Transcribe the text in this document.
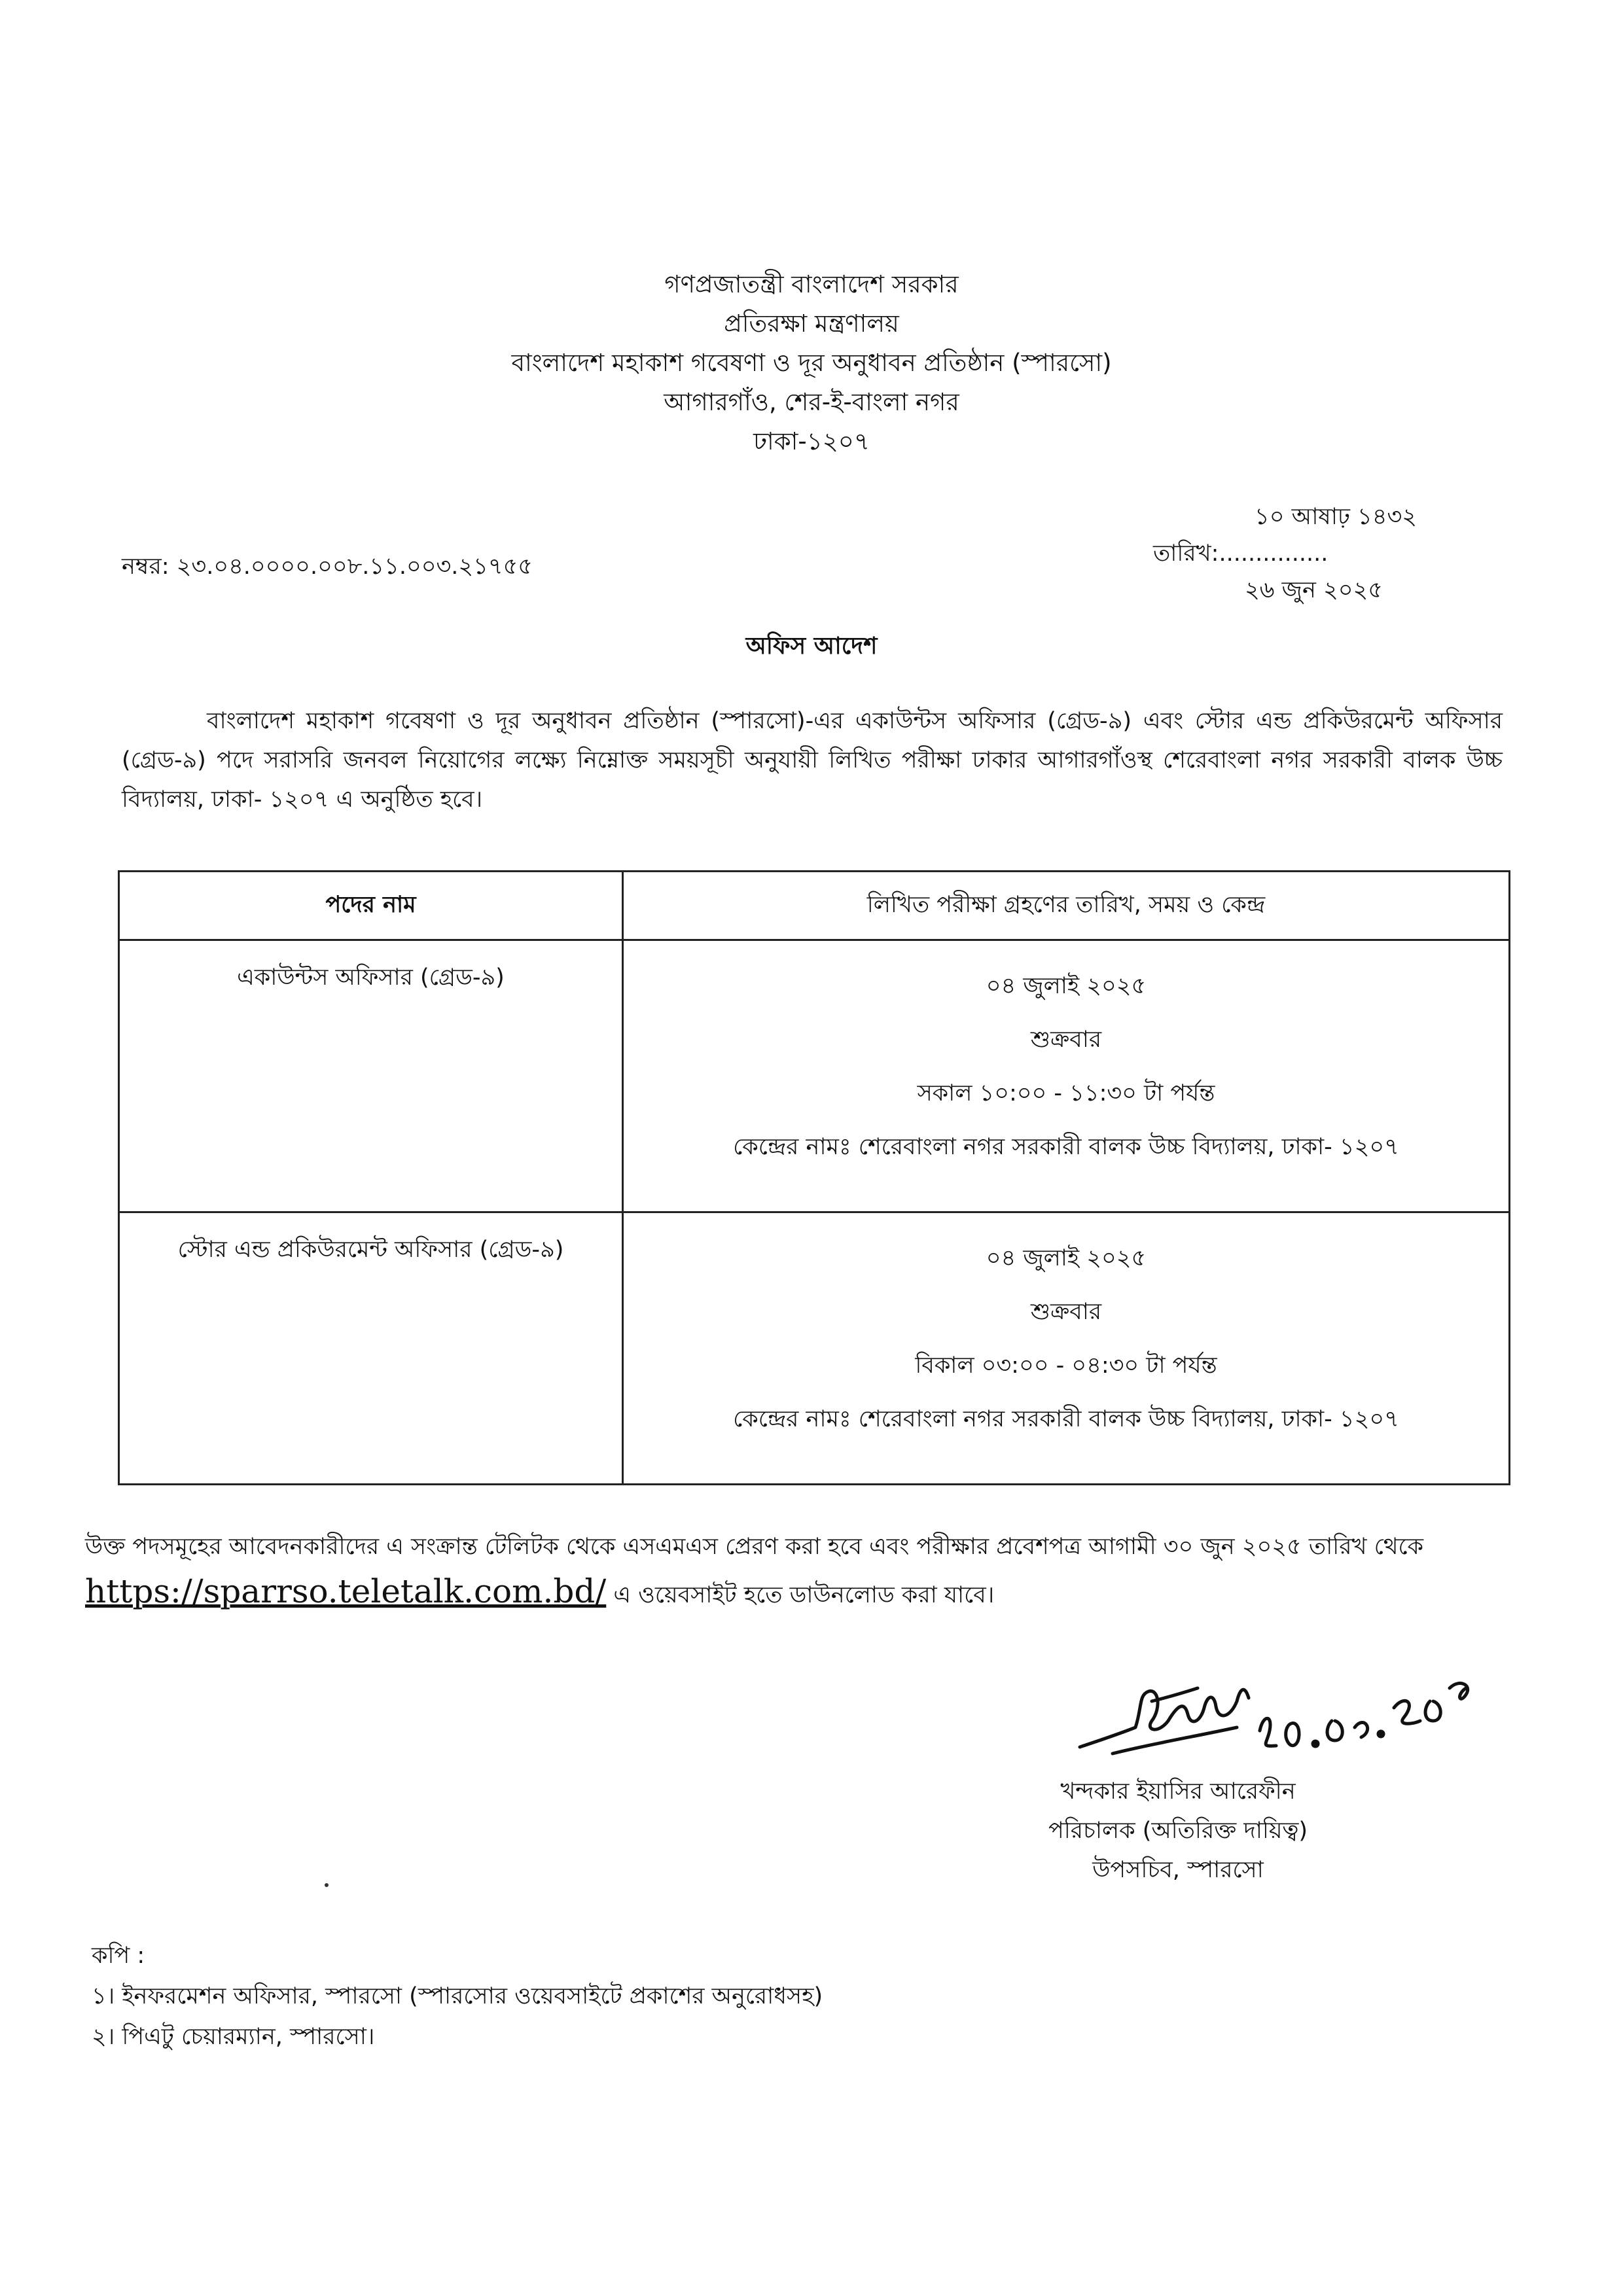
গণপ্রজাতন্ত্রী বাংলাদেশ সরকার
প্রতিরক্ষা মন্ত্রণালয়
বাংলাদেশ মহাকাশ গবেষণা ও দূর অনুধাবন প্রতিষ্ঠান (স্পারসো)
আগারগাঁও, শের-ই-বাংলা নগর
ঢাকা-১২০৭
নম্বর: ২৩.০৪.০০০০.০০৮.১১.০০৩.২১৭৫৫
১০ আষাঢ় ১৪৩২
তারিখ:...............
২৬ জুন ২০২৫
অফিস আদেশ
বাংলাদেশ মহাকাশ গবেষণা ও দূর অনুধাবন প্রতিষ্ঠান (স্পারসো)-এর একাউন্টস অফিসার (গ্রেড-৯) এবং স্টোর এন্ড প্রকিউরমেন্ট অফিসার (গ্রেড-৯) পদে সরাসরি জনবল নিয়োগের লক্ষ্যে নিম্নোক্ত সময়সূচী অনুযায়ী লিখিত পরীক্ষা ঢাকার আগারগাঁওস্থ শেরেবাংলা নগর সরকারী বালক উচ্চ বিদ্যালয়, ঢাকা- ১২০৭ এ অনুষ্ঠিত হবে।
পদের নাম	লিখিত পরীক্ষা গ্রহণের তারিখ, সময় ও কেন্দ্র
একাউন্টস অফিসার (গ্রেড-৯)	০৪ জুলাই ২০২৫
শুক্রবার
সকাল ১০:০০ - ১১:৩০ টা পর্যন্ত
কেন্দ্রের নামঃ শেরেবাংলা নগর সরকারী বালক উচ্চ বিদ্যালয়, ঢাকা- ১২০৭

স্টোর এন্ড প্রকিউরমেন্ট অফিসার (গ্রেড-৯)	০৪ জুলাই ২০২৫
শুক্রবার
বিকাল ০৩:০০ - ০৪:৩০ টা পর্যন্ত
কেন্দ্রের নামঃ শেরেবাংলা নগর সরকারী বালক উচ্চ বিদ্যালয়, ঢাকা- ১২০৭
উক্ত পদসমূহের আবেদনকারীদের এ সংক্রান্ত টেলিটক থেকে এসএমএস প্রেরণ করা হবে এবং পরীক্ষার প্রবেশপত্র আগামী ৩০ জুন ২০২৫ তারিখ থেকে https://sparrso.teletalk.com.bd/ এ ওয়েবসাইট হতে ডাউনলোড করা যাবে।
খন্দকার ইয়াসির আরেফীন
পরিচালক (অতিরিক্ত দায়িত্ব)
উপসচিব, স্পারসো
কপি :
১। ইনফরমেশন অফিসার, স্পারসো (স্পারসোর ওয়েবসাইটে প্রকাশের অনুরোধসহ)
২। পিএটু চেয়ারম্যান, স্পারসো।
